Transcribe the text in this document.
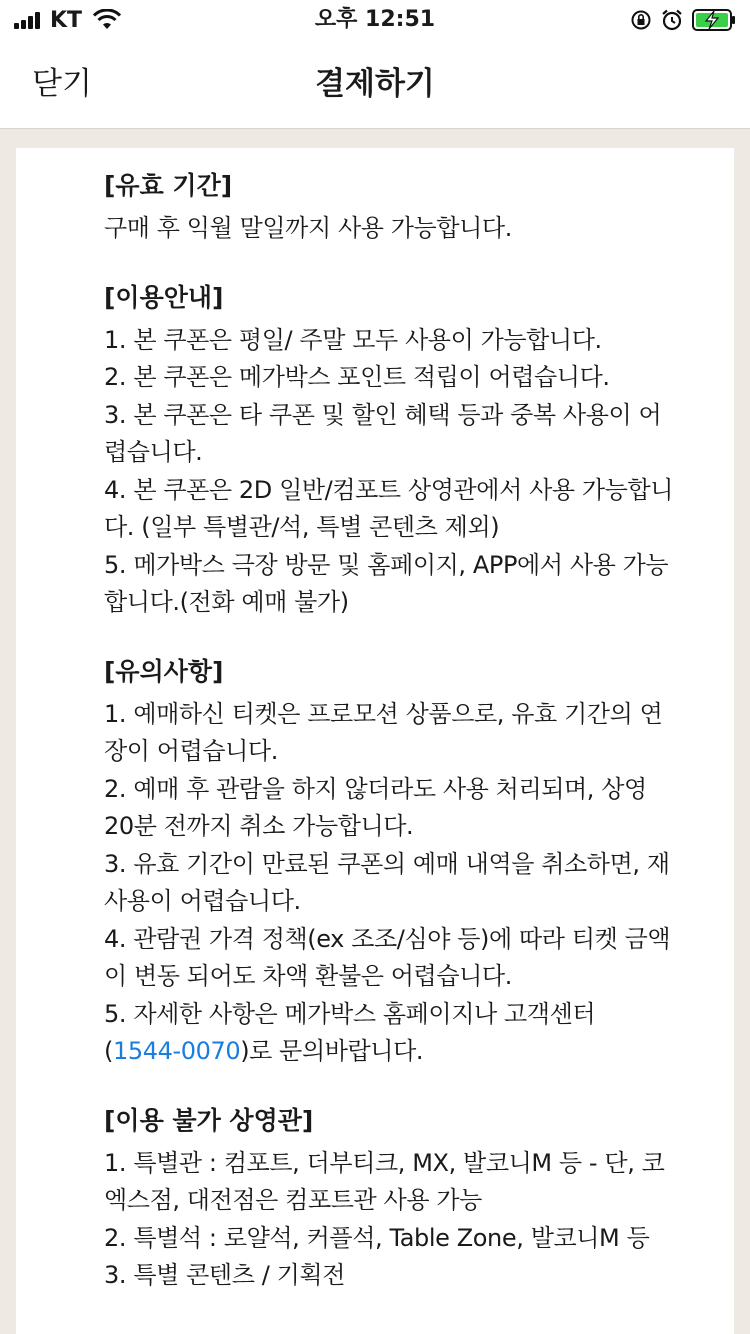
KT	오후 12:51
닫기	결제하기
[유효 기간]
구매 후 익월 말일까지 사용 가능합니다.
[이용안내]
1. 본 쿠폰은 평일/ 주말 모두 사용이 가능합니다.
2. 본 쿠폰은 메가박스 포인트 적립이 어렵습니다.
3. 본 쿠폰은 타 쿠폰 및 할인 혜택 등과 중복 사용이 어
렵습니다.
4. 본 쿠폰은 2D 일반/컴포트 상영관에서 사용 가능합니
다. (일부 특별관/석, 특별 콘텐츠 제외)
5. 메가박스 극장 방문 및 홈페이지, APP에서 사용 가능
합니다.(전화 예매 불가)
[유의사항]
1. 예매하신 티켓은 프로모션 상품으로, 유효 기간의 연
장이 어렵습니다.
2. 예매 후 관람을 하지 않더라도 사용 처리되며, 상영
20분 전까지 취소 가능합니다.
3. 유효 기간이 만료된 쿠폰의 예매 내역을 취소하면, 재
사용이 어렵습니다.
4. 관람권 가격 정책(ex 조조/심야 등)에 따라 티켓 금액
이 변동 되어도 차액 환불은 어렵습니다.
5. 자세한 사항은 메가박스 홈페이지나 고객센터
(1544-0070)로 문의바랍니다.
[이용 불가 상영관]
1. 특별관 : 컴포트, 더부티크, MX, 발코니M 등 - 단, 코
엑스점, 대전점은 컴포트관 사용 가능
2. 특별석 : 로얄석, 커플석, Table Zone, 발코니M 등
3. 특별 콘텐츠 / 기획전
